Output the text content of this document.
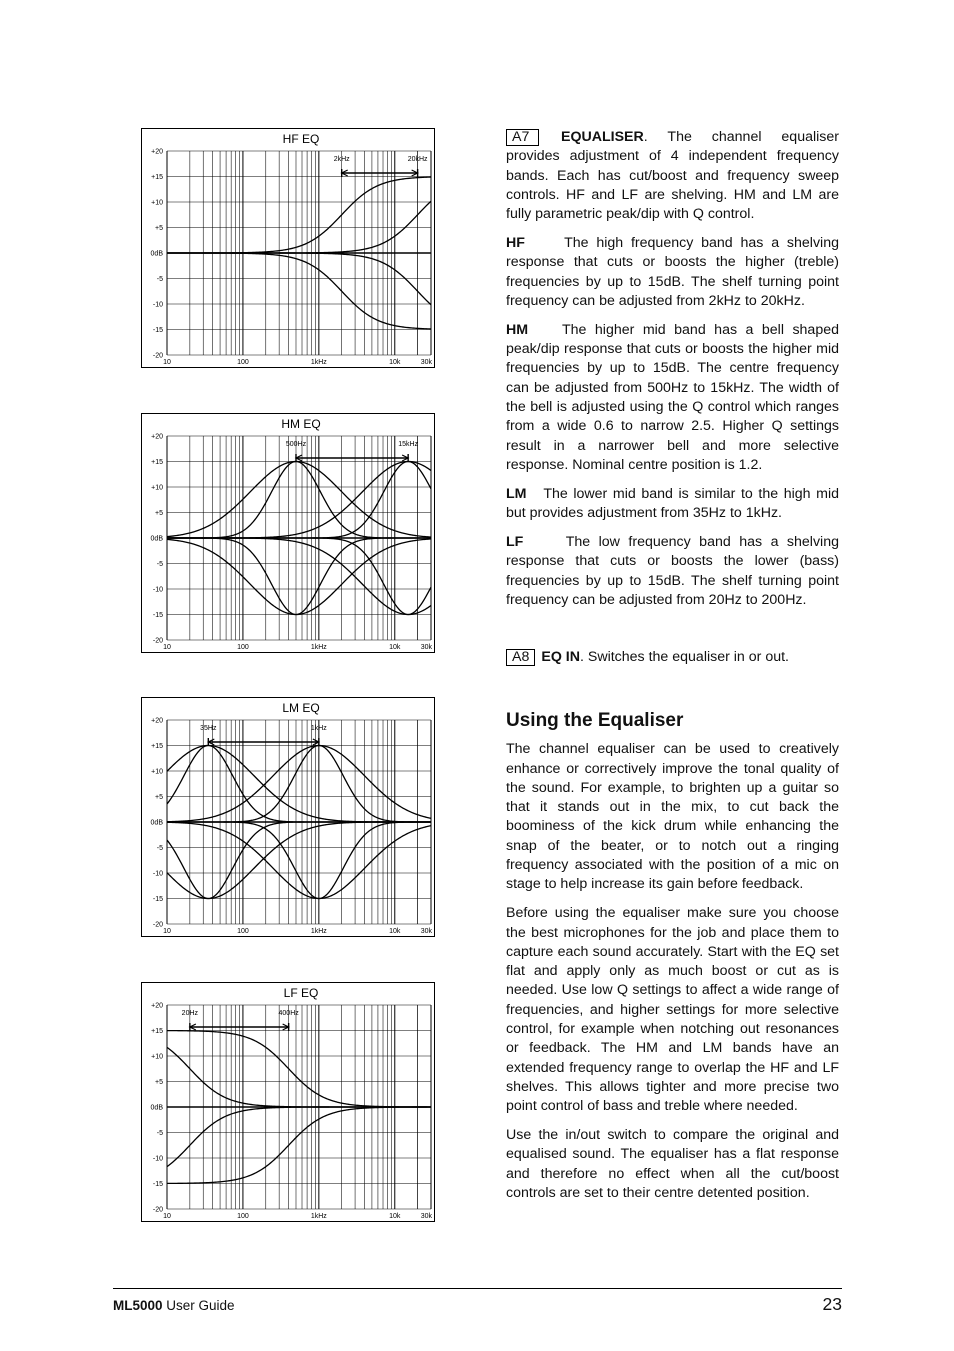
HF EQ
+20
+15
+10
+5
0dB
-5
-10
-15
-20
10	100	1kHz	10k	30k
2kHz	20kHz
HM EQ
+20
+15
+10
+5
0dB
-5
-10
-15
-20
10	100	1kHz	10k	30k
500Hz	15kHz
LM EQ
+20
+15
+10
+5
0dB
-5
-10
-15
-20
10	100	1kHz	10k	30k
35Hz	1kHz
LF EQ
+20
+15
+10
+5
0dB
-5
-10
-15
-20
10	100	1kHz	10k	30k
20Hz	400Hz

A7 EQUALISER. The channel equaliser provides adjustment of 4 independent frequency bands. Each has cut/boost and frequency sweep controls. HF and LF are shelving. HM and LM are fully parametric peak/dip with Q control.

HF	The high frequency band has a shelving response that cuts or boosts the higher (treble) frequencies by up to 15dB. The shelf turning point frequency can be adjusted from 2kHz to 20kHz.

HM The higher mid band has a bell shaped peak/dip response that cuts or boosts the higher mid frequencies by up to 15dB. The centre frequency can be adjusted from 500Hz to 15kHz. The width of the bell is adjusted using the Q control which ranges from a wide 0.6 to narrow 2.5. Higher Q settings result in a narrower bell and more selective response. Nominal centre position is 1.2.

LM The lower mid band is similar to the high mid but provides adjustment from 35Hz to 1kHz.

LF	The low frequency band has a shelving response that cuts or boosts the lower (bass) frequencies by up to 15dB. The shelf turning point frequency can be adjusted from 20Hz to 200Hz.

A8 EQ IN. Switches the equaliser in or out.

Using the Equaliser

The channel equaliser can be used to creatively enhance or correctively improve the tonal quality of the sound. For example, to brighten up a guitar so that it stands out in the mix, to cut back the boominess of the kick drum while enhancing the snap of the beater, or to notch out a ringing frequency associated with the position of a mic on stage to help increase its gain before feedback.

Before using the equaliser make sure you choose the best microphones for the job and place them to capture each sound accurately. Start with the EQ set flat and apply only as much boost or cut as is needed. Use low Q settings to affect a wide range of frequencies, and higher settings for more selective control, for example when notching out resonances or feedback. The HM and LM bands have an extended frequency range to overlap the HF and LF shelves. This allows tighter and more precise two point control of bass and treble where needed.

Use the in/out switch to compare the original and equalised sound. The equaliser has a flat response and therefore no effect when all the cut/boost controls are set to their centre detented position.

ML5000 User Guide	23
